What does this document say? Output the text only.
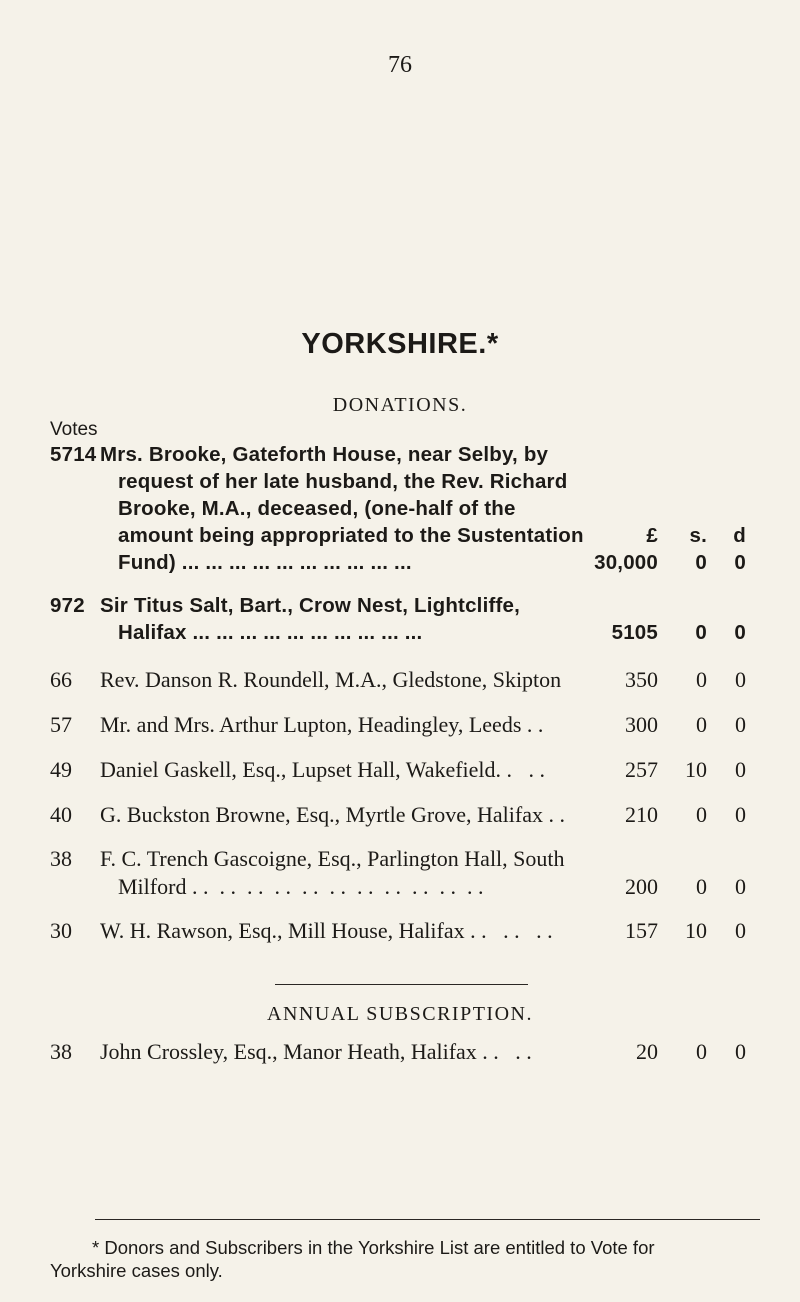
76
YORKSHIRE.*
DONATIONS.
Votes
5714 Mrs. Brooke, Gateforth House, near Selby, by
request of her late husband, the Rev. Richard
Brooke, M.A., deceased, (one-half of the
amount being appropriated to the Sustentation
Fund) ... ... ... ... ... ... ... ... ... ...
£ s. d
30,000 0 0
972 Sir Titus Salt, Bart., Crow Nest, Lightcliffe,
Halifax ... ... ... ... ... ... ... ... ... ...	5105 0 0
66	Rev. Danson R. Roundell, M.A., Gledstone, Skipton	350 0 0
57	Mr. and Mrs. Arthur Lupton, Headingley, Leeds . .	300 0 0
49	Daniel Gaskell, Esq., Lupset Hall, Wakefield. .   . .	257 10 0
40	G. Buckston Browne, Esq., Myrtle Grove, Halifax . .	210 0 0
38	F. C. Trench Gascoigne, Esq., Parlington Hall, South
Milford . .  . .  . .  . .  . .  . .  . .  . .  . .  . .  . .	200 0 0
30	W. H. Rawson, Esq., Mill House, Halifax . .   . .   . .	157 10 0
ANNUAL SUBSCRIPTION.
38	John Crossley, Esq., Manor Heath, Halifax . .   . .	20 0 0
* Donors and Subscribers in the Yorkshire List are entitled to Vote for
Yorkshire cases only.
